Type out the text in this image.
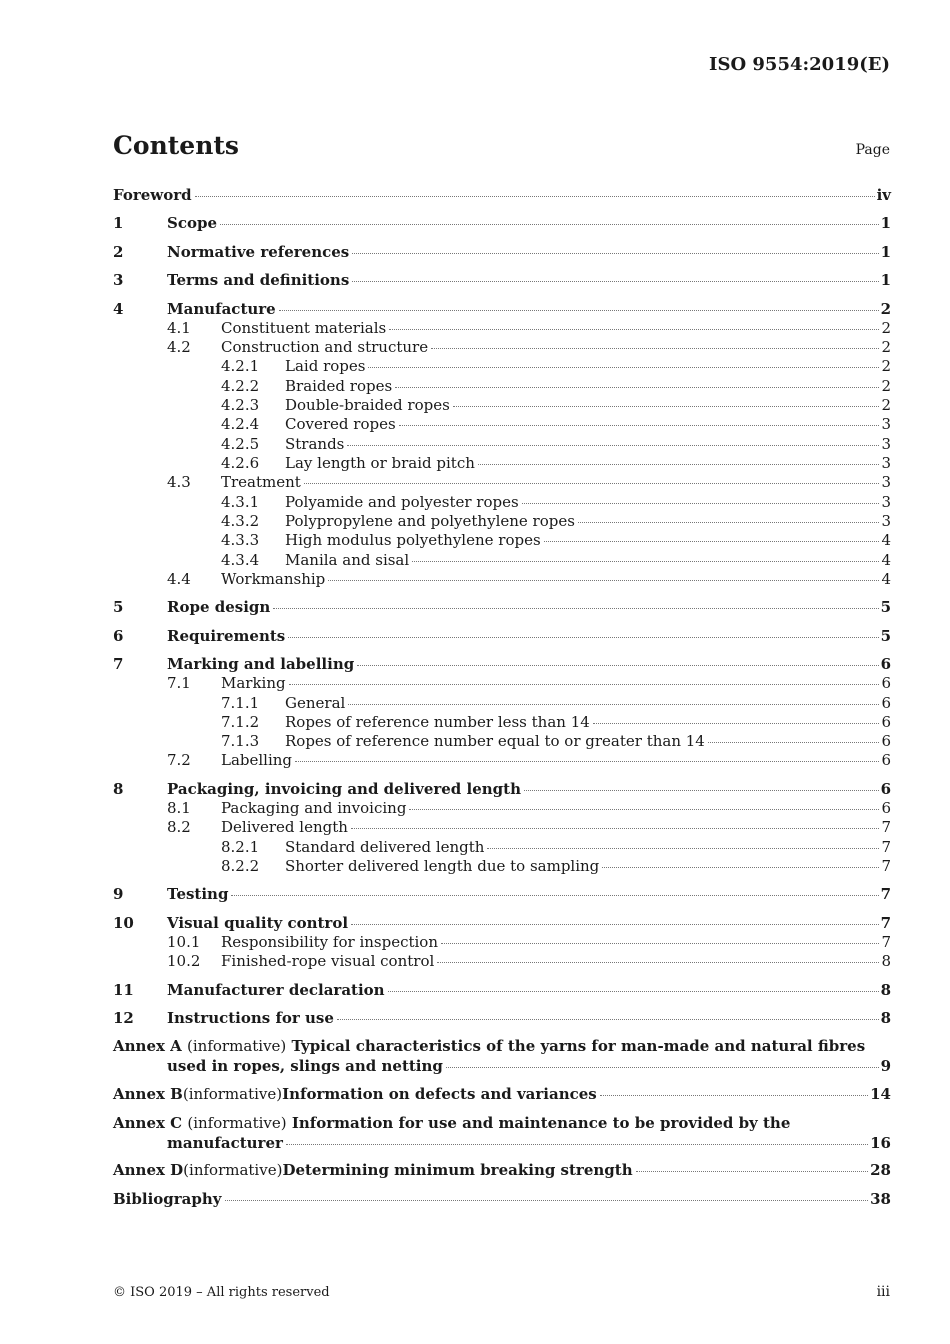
ISO 9554:2019(E)
Contents	Page
Foreword	iv
1	Scope	1
2	Normative references	1
3	Terms and definitions	1
4	Manufacture	2
4.1 Constituent materials	2
4.2 Construction and structure	2
4.2.1 Laid ropes	2
4.2.2 Braided ropes	2
4.2.3 Double-braided ropes	2
4.2.4 Covered ropes	3
4.2.5 Strands	3
4.2.6 Lay length or braid pitch	3
4.3 Treatment	3
4.3.1 Polyamide and polyester ropes	3
4.3.2 Polypropylene and polyethylene ropes	3
4.3.3 High modulus polyethylene ropes	4
4.3.4 Manila and sisal	4
4.4 Workmanship	4
5	Rope design	5
6	Requirements	5
7	Marking and labelling	6
7.1 Marking	6
7.1.1 General	6
7.1.2 Ropes of reference number less than 14	6
7.1.3 Ropes of reference number equal to or greater than 14	6
7.2 Labelling	6
8	Packaging, invoicing and delivered length	6
8.1 Packaging and invoicing	6
8.2 Delivered length	7
8.2.1 Standard delivered length	7
8.2.2 Shorter delivered length due to sampling	7
9	Testing	7
10 Visual quality control	7
10.1 Responsibility for inspection	7
10.2 Finished-rope visual control	8
11 Manufacturer declaration	8
12 Instructions for use	8
Annex A (informative) Typical characteristics of the yarns for man-made and natural fibres
used in ropes, slings and netting	9
Annex B (informative) Information on defects and variances	14
Annex C (informative) Information for use and maintenance to be provided by the
manufacturer	16
Annex D (informative) Determining minimum breaking strength	28
Bibliography	38
© ISO 2019 – All rights reserved	iii
